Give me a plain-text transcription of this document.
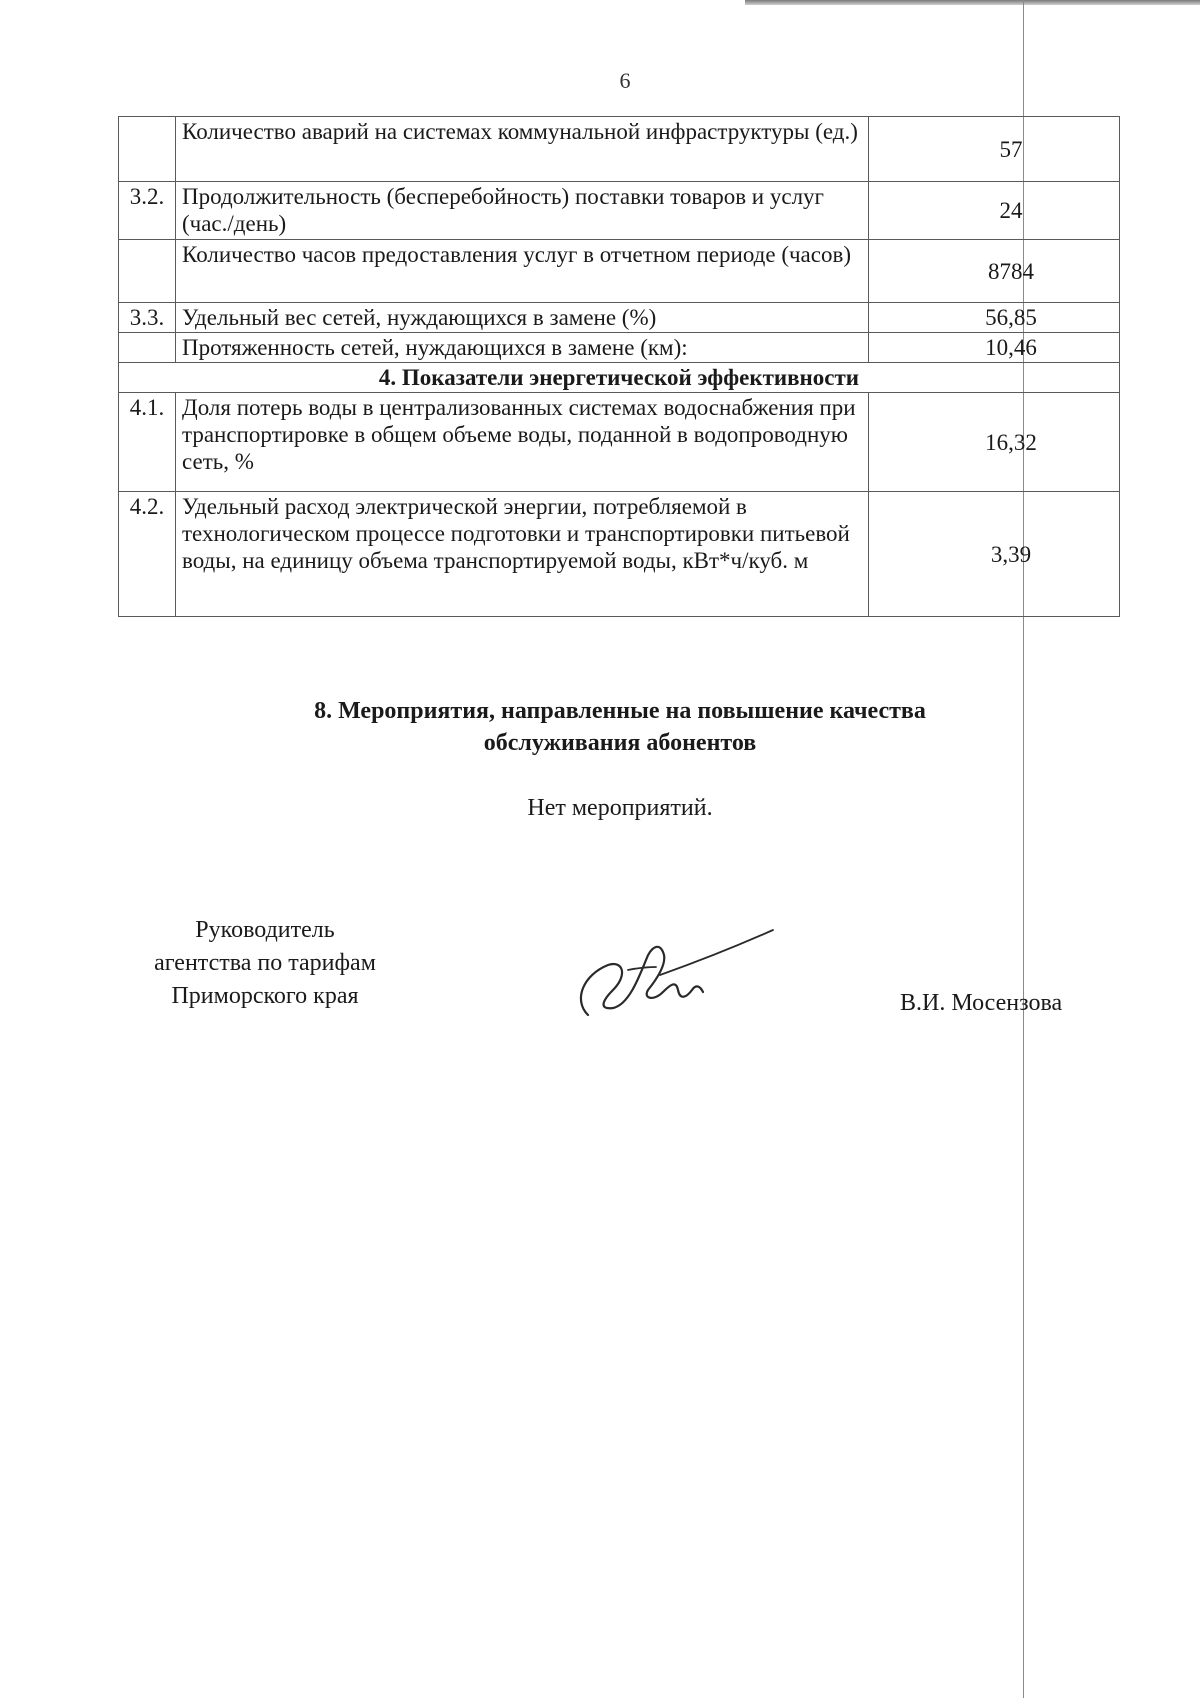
6
	Количество аварий на системах коммунальной инфраструктуры (ед.)	57
3.2.	Продолжительность (бесперебойность) поставки товаров и услуг (час./день)	24
	Количество часов предоставления услуг в отчетном периоде (часов)	8784
3.3.	Удельный вес сетей, нуждающихся в замене (%)	56,85
	Протяженность сетей, нуждающихся в замене (км):	10,46
4. Показатели энергетической эффективности		
4.1.	Доля потерь воды в централизованных системах водоснабжения при транспортировке в общем объеме воды, поданной в водопроводную сеть, %	16,32
4.2.	Удельный расход электрической энергии, потребляемой в технологическом процессе подготовки и транспортировки питьевой воды, на единицу объема транспортируемой воды, кВт*ч/куб. м	3,39
8. Мероприятия, направленные на повышение качества
обслуживания абонентов
Нет мероприятий.
Руководитель
агентства по тарифам
Приморского края	В.И. Мосензова
